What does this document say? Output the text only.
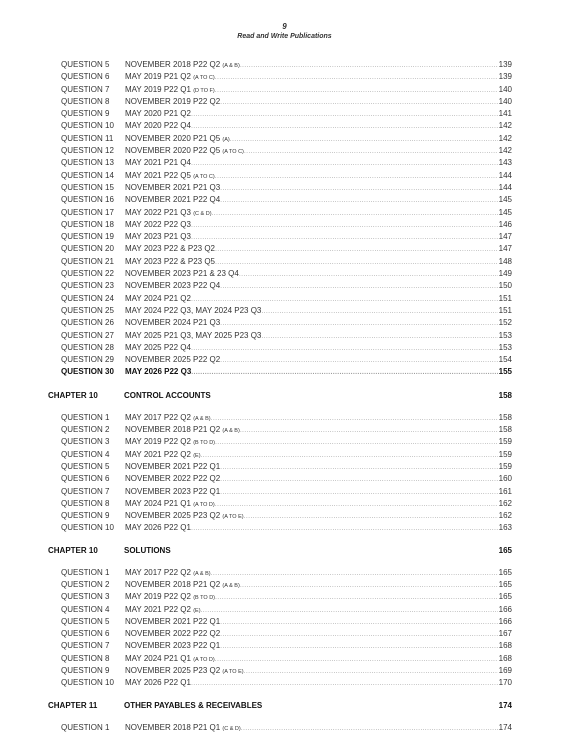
9
Read and Write Publications
QUESTION 5	NOVEMBER 2018 P22 Q2 (A & B) .....	139
QUESTION 6	MAY 2019 P21 Q2 (A TO C) .....	139
QUESTION 7	MAY 2019 P22 Q1 (D TO F) .....	140
QUESTION 8	NOVEMBER 2019 P22 Q2 .....	140
QUESTION 9	MAY 2020 P21 Q2 .....	141
QUESTION 10	MAY 2020 P22 Q4 .....	142
QUESTION 11	NOVEMBER 2020 P21 Q5 (A) .....	142
QUESTION 12	NOVEMBER 2020 P22 Q5 (A TO C) .....	142
QUESTION 13	MAY 2021 P21 Q4 .....	143
QUESTION 14	MAY 2021 P22 Q5 (A TO C) .....	144
QUESTION 15	NOVEMBER 2021 P21 Q3 .....	144
QUESTION 16	NOVEMBER 2021 P22 Q4 .....	145
QUESTION 17	MAY 2022 P21 Q3 (C & D) .....	145
QUESTION 18	MAY 2022 P22 Q3 .....	146
QUESTION 19	MAY 2023 P21 Q3 .....	147
QUESTION 20	MAY 2023 P22 & P23 Q2 .....	147
QUESTION 21	MAY 2023 P22 & P23 Q5 .....	148
QUESTION 22	NOVEMBER 2023 P21 & 23 Q4 .....	149
QUESTION 23	NOVEMBER 2023 P22 Q4 .....	150
QUESTION 24	MAY 2024 P21 Q2 .....	151
QUESTION 25	MAY 2024 P22 Q3, MAY 2024 P23 Q3 .....	151
QUESTION 26	NOVEMBER 2024 P21 Q3 .....	152
QUESTION 27	MAY 2025 P21 Q3, MAY 2025 P23 Q3 .....	153
QUESTION 28	MAY 2025 P22 Q4 .....	153
QUESTION 29	NOVEMBER 2025 P22 Q2 .....	154
QUESTION 30	MAY 2026 P22 Q3 .....	155
CHAPTER 10	CONTROL ACCOUNTS	158
QUESTION 1	MAY 2017 P22 Q2 (A & B) .....	158
QUESTION 2	NOVEMBER 2018 P21 Q2 (A & B) .....	158
QUESTION 3	MAY 2019 P22 Q2 (B TO D) .....	159
QUESTION 4	MAY 2021 P22 Q2 (E) .....	159
QUESTION 5	NOVEMBER 2021 P22 Q1 .....	159
QUESTION 6	NOVEMBER 2022 P22 Q2 .....	160
QUESTION 7	NOVEMBER 2023 P22 Q1 .....	161
QUESTION 8	MAY 2024 P21 Q1 (A TO D) .....	162
QUESTION 9	NOVEMBER 2025 P23 Q2 (A TO E) .....	162
QUESTION 10	MAY 2026 P22 Q1 .....	163
CHAPTER 10	SOLUTIONS	165
QUESTION 1	MAY 2017 P22 Q2 (A & B) .....	165
QUESTION 2	NOVEMBER 2018 P21 Q2 (A & B) .....	165
QUESTION 3	MAY 2019 P22 Q2 (B TO D) .....	165
QUESTION 4	MAY 2021 P22 Q2 (E) .....	166
QUESTION 5	NOVEMBER 2021 P22 Q1 .....	166
QUESTION 6	NOVEMBER 2022 P22 Q2 .....	167
QUESTION 7	NOVEMBER 2023 P22 Q1 .....	168
QUESTION 8	MAY 2024 P21 Q1 (A TO D) .....	168
QUESTION 9	NOVEMBER 2025 P23 Q2 (A TO E) .....	169
QUESTION 10	MAY 2026 P22 Q1 .....	170
CHAPTER 11	OTHER PAYABLES & RECEIVABLES	174
QUESTION 1	NOVEMBER 2018 P21 Q1 (C & D) .....	174
